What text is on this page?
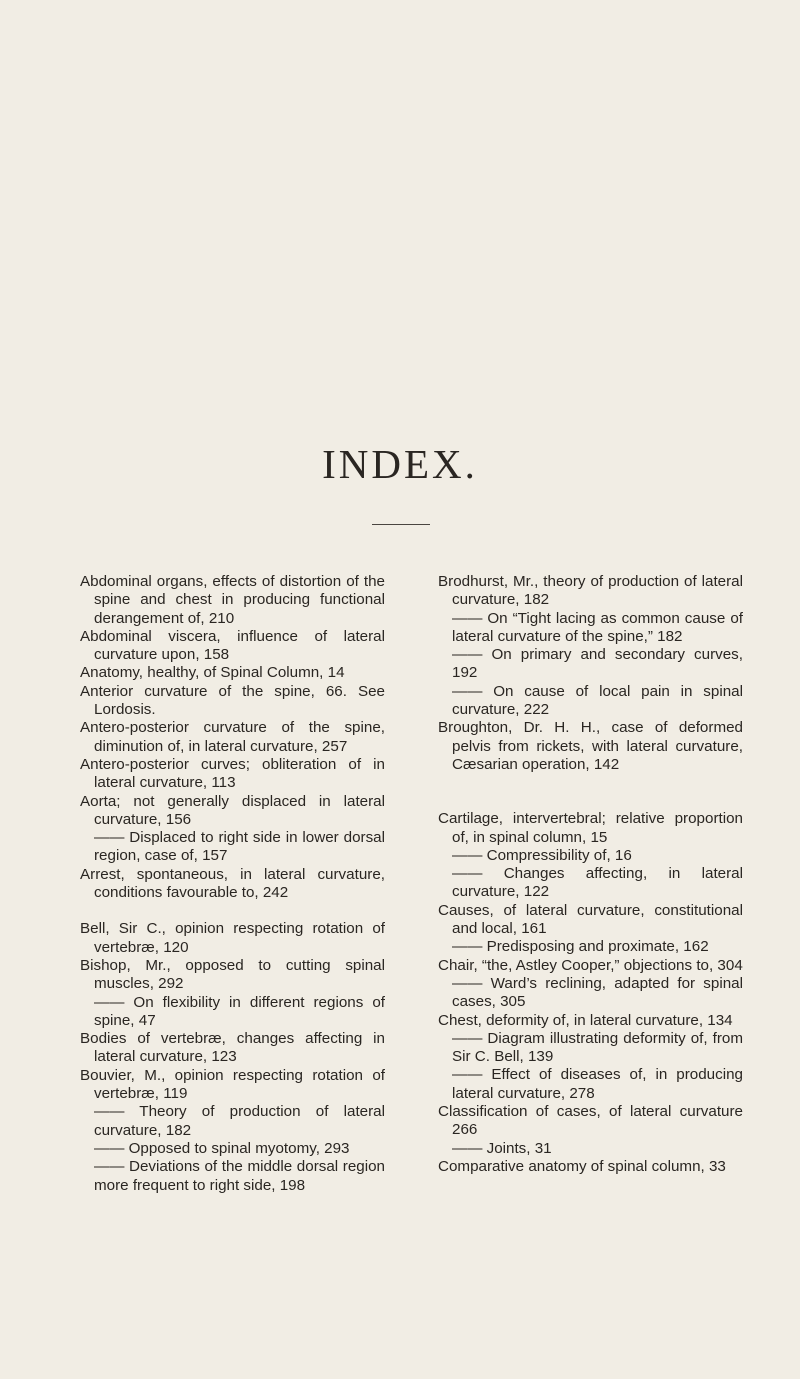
INDEX.
Abdominal organs, effects of distortion of the spine and chest in producing functional derangement of, 210
Abdominal viscera, influence of lateral curvature upon, 158
Anatomy, healthy, of Spinal Column, 14
Anterior curvature of the spine, 66. See Lordosis.
Antero-posterior curvature of the spine, diminution of, in lateral curvature, 257
Antero-posterior curves; obliteration of in lateral curvature, 113
Aorta; not generally displaced in lateral curvature, 156
—— Displaced to right side in lower dorsal region, case of, 157
Arrest, spontaneous, in lateral curvature, conditions favourable to, 242
Bell, Sir C., opinion respecting rotation of vertebræ, 120
Bishop, Mr., opposed to cutting spinal muscles, 292
—— On flexibility in different regions of spine, 47
Bodies of vertebræ, changes affecting in lateral curvature, 123
Bouvier, M., opinion respecting rotation of vertebræ, 119
—— Theory of production of lateral curvature, 182
—— Opposed to spinal myotomy, 293
—— Deviations of the middle dorsal region more frequent to right side, 198
Brodhurst, Mr., theory of production of lateral curvature, 182
—— On “Tight lacing as common cause of lateral curvature of the spine,” 182
—— On primary and secondary curves, 192
—— On cause of local pain in spinal curvature, 222
Broughton, Dr. H. H., case of deformed pelvis from rickets, with lateral curvature, Cæsarian operation, 142
Cartilage, intervertebral; relative proportion of, in spinal column, 15
—— Compressibility of, 16
—— Changes affecting, in lateral curvature, 122
Causes, of lateral curvature, constitutional and local, 161
—— Predisposing and proximate, 162
Chair, “the, Astley Cooper,” objections to, 304
—— Ward’s reclining, adapted for spinal cases, 305
Chest, deformity of, in lateral curvature, 134
—— Diagram illustrating deformity of, from Sir C. Bell, 139
—— Effect of diseases of, in producing lateral curvature, 278
Classification of cases, of lateral curvature 266
—— Joints, 31
Comparative anatomy of spinal column, 33
